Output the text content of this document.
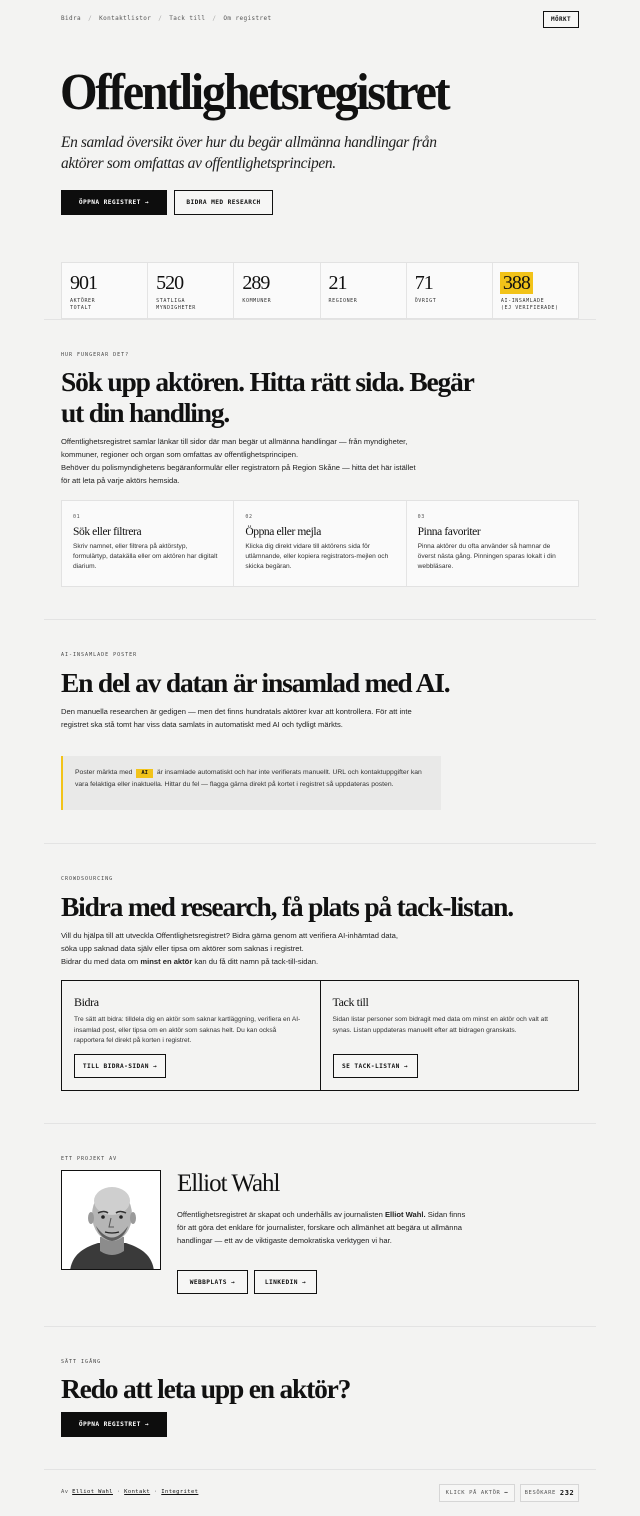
Bidra	/	Kontaktlistor	/	Tack till	/	Om registret	MÖRKT
Offentlighetsregistret

En samlad översikt över hur du begär allmänna handlingar från aktörer som omfattas av offentlighetsprincipen.

ÖPPNA REGISTRET →	BIDRA MED RESEARCH
901
AKTÖRER
TOTALT
520
STATLIGA
MYNDIGHETER
289
KOMMUNER
21
REGIONER
71
ÖVRIGT
388
AI-INSAMLADE
(EJ VERIFIERADE)
HUR FUNGERAR DET?
Sök upp aktören. Hitta rätt sida. Begär ut din handling.

Offentlighetsregistret samlar länkar till sidor där man begär ut allmänna handlingar — från myndigheter, kommuner, regioner och organ som omfattas av offentlighetsprincipen.

Behöver du polismyndighetens begäranformulär eller registratorn på Region Skåne — hitta det här istället för att leta på varje aktörs hemsida.

01
Sök eller filtrera
Skriv namnet, eller filtrera på aktörstyp, formulärtyp, datakälla eller om aktören har digitalt diarium.
02
Öppna eller mejla
Klicka dig direkt vidare till aktörens sida för utlämnande, eller kopiera registrators-mejlen och skicka begäran.
03
Pinna favoriter
Pinna aktörer du ofta använder så hamnar de överst nästa gång. Pinningen sparas lokalt i din webbläsare.
AI-INSAMLADE POSTER
En del av datan är insamlad med AI.

Den manuella researchen är gedigen — men det finns hundratals aktörer kvar att kontrollera. För att inte registret ska stå tomt har viss data samlats in automatiskt med AI och tydligt märkts.

Poster märkta med AI är insamlade automatiskt och har inte verifierats manuellt. URL och kontaktuppgifter kan vara felaktiga eller inaktuella. Hittar du fel — flagga gärna direkt på kortet i registret så uppdateras posten.
CROWDSOURCING
Bidra med research, få plats på tack-listan.

Vill du hjälpa till att utveckla Offentlighetsregistret? Bidra gärna genom att verifiera AI-inhämtad data, söka upp saknad data själv eller tipsa om aktörer som saknas i registret.

Bidrar du med data om minst en aktör kan du få ditt namn på tack-till-sidan.

Bidra
Tre sätt att bidra: tilldela dig en aktör som saknar kartläggning, verifiera en AI-insamlad post, eller tipsa om en aktör som saknas helt. Du kan också rapportera fel direkt på korten i registret.
TILL BIDRA-SIDAN →
Tack till
Sidan listar personer som bidragit med data om minst en aktör och valt att synas. Listan uppdateras manuellt efter att bidragen granskats.
SE TACK-LISTAN →
ETT PROJEKT AV
Elliot Wahl

Offentlighetsregistret är skapat och underhålls av journalisten Elliot Wahl. Sidan finns för att göra det enklare för journalister, forskare och allmänhet att begära ut allmänna handlingar — ett av de viktigaste demokratiska verktygen vi har.

WEBBPLATS →	LINKEDIN →
SÄTT IGÅNG
Redo att leta upp en aktör?
ÖPPNA REGISTRET →
Av Elliot Wahl · Kontakt · Integritet	KLICK PÅ AKTÖR —	BESÖKARE 232
